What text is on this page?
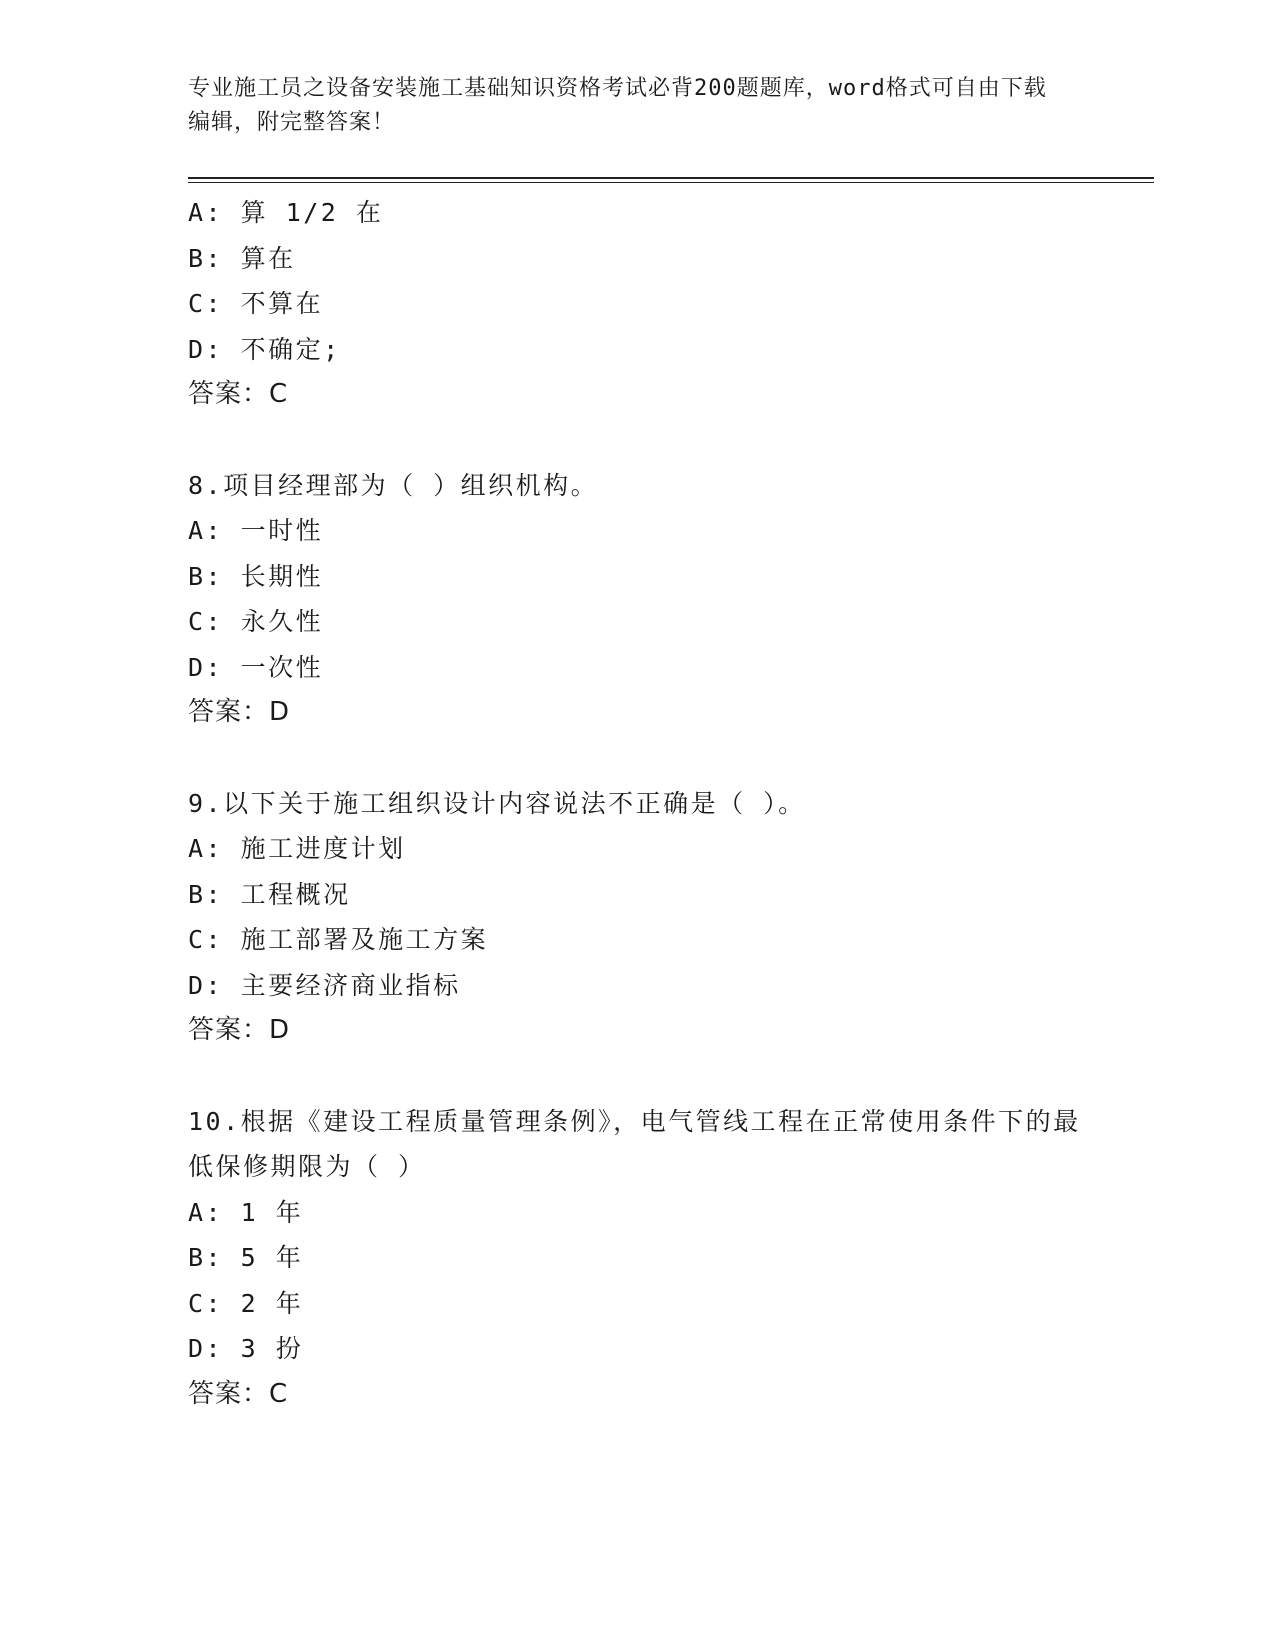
专业施工员之设备安装施工基础知识资格考试必背200题题库，word格式可自由下载编辑，附完整答案！
A: 算 1/2 在
B: 算在
C: 不算在
D: 不确定;
答案：C
8.项目经理部为（ ）组织机构。
A: 一时性
B: 长期性
C: 永久性
D: 一次性
答案：D
9.以下关于施工组织设计内容说法不正确是（ ）。
A: 施工进度计划
B: 工程概况
C: 施工部署及施工方案
D: 主要经济商业指标
答案：D
10.根据《建设工程质量管理条例》，电气管线工程在正常使用条件下的最低保修期限为（ ）
A: 1 年
B: 5 年
C: 2 年
D: 3 扮
答案：C
